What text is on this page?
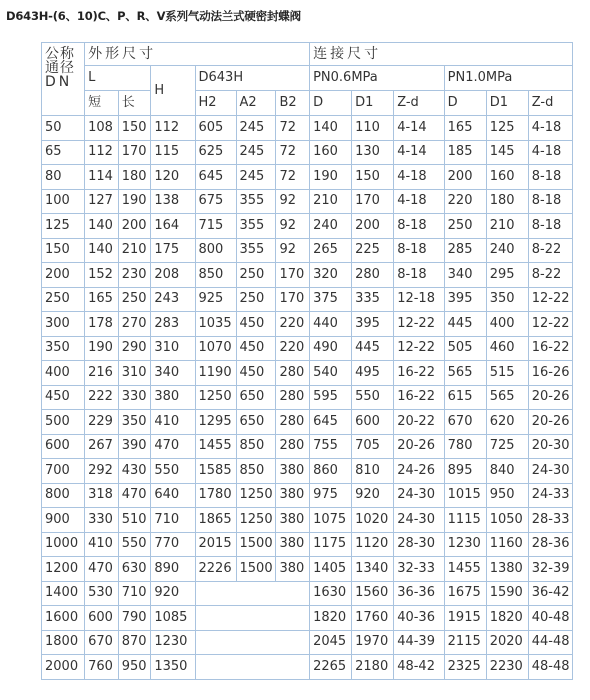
D643H-(6、10)C、P、R、V系列气动法兰式硬密封蝶阀
公称
通径
DN	外形尺寸						连接尺寸					
	L		H	D643H			PN0.6MPa			PN1.0MPa		
	短	长		H2	A2	B2	D	D1	Z-d	D	D1	Z-d
50	108	150	112	605	245	72	140	110	4-14	165	125	4-18
65	112	170	115	625	245	72	160	130	4-14	185	145	4-18
80	114	180	120	645	245	72	190	150	4-18	200	160	8-18
100	127	190	138	675	355	92	210	170	4-18	220	180	8-18
125	140	200	164	715	355	92	240	200	8-18	250	210	8-18
150	140	210	175	800	355	92	265	225	8-18	285	240	8-22
200	152	230	208	850	250	170	320	280	8-18	340	295	8-22
250	165	250	243	925	250	170	375	335	12-18	395	350	12-22
300	178	270	283	1035	450	220	440	395	12-22	445	400	12-22
350	190	290	310	1070	450	220	490	445	12-22	505	460	16-22
400	216	310	340	1190	450	280	540	495	16-22	565	515	16-26
450	222	330	380	1250	650	280	595	550	16-22	615	565	20-26
500	229	350	410	1295	650	280	645	600	20-22	670	620	20-26
600	267	390	470	1455	850	280	755	705	20-26	780	725	20-30
700	292	430	550	1585	850	380	860	810	24-26	895	840	24-30
800	318	470	640	1780	1250	380	975	920	24-30	1015	950	24-33
900	330	510	710	1865	1250	380	1075	1020	24-30	1115	1050	28-33
1000	410	550	770	2015	1500	380	1175	1120	28-30	1230	1160	28-36
1200	470	630	890	2226	1500	380	1405	1340	32-33	1455	1380	32-39
1400	530	710	920				1630	1560	36-36	1675	1590	36-42
1600	600	790	1085				1820	1760	40-36	1915	1820	40-48
1800	670	870	1230				2045	1970	44-39	2115	2020	44-48
2000	760	950	1350				2265	2180	48-42	2325	2230	48-48
